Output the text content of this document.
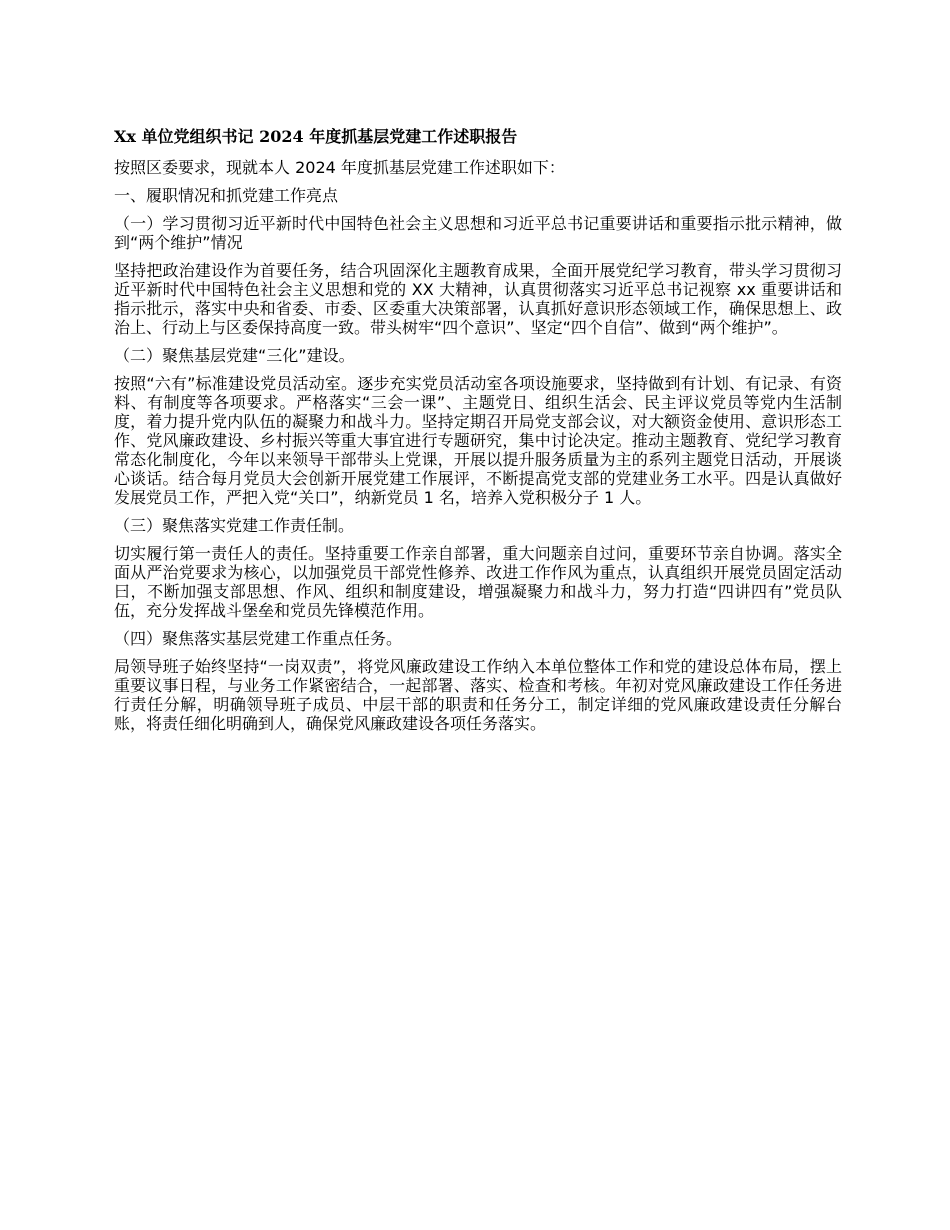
Xx 单位党组织书记 2024 年度抓基层党建工作述职报告

按照区委要求，现就本人 2024 年度抓基层党建工作述职如下：

一、履职情况和抓党建工作亮点

（一）学习贯彻习近平新时代中国特色社会主义思想和习近平总书记重要讲话和重要指示批示精神，做到“两个维护”情况

坚持把政治建设作为首要任务，结合巩固深化主题教育成果，全面开展党纪学习教育，带头学习贯彻习近平新时代中国特色社会主义思想和党的 XX 大精神，认真贯彻落实习近平总书记视察 xx 重要讲话和指示批示，落实中央和省委、市委、区委重大决策部署，认真抓好意识形态领域工作，确保思想上、政治上、行动上与区委保持高度一致。带头树牢“四个意识”、坚定“四个自信”、做到“两个维护”。

（二）聚焦基层党建“三化”建设。

按照“六有”标准建设党员活动室。逐步充实党员活动室各项设施要求，坚持做到有计划、有记录、有资料、有制度等各项要求。严格落实“三会一课”、主题党日、组织生活会、民主评议党员等党内生活制度，着力提升党内队伍的凝聚力和战斗力。坚持定期召开局党支部会议，对大额资金使用、意识形态工作、党风廉政建设、乡村振兴等重大事宜进行专题研究，集中讨论决定。推动主题教育、党纪学习教育常态化制度化，今年以来领导干部带头上党课，开展以提升服务质量为主的系列主题党日活动，开展谈心谈话。结合每月党员大会创新开展党建工作展评，不断提高党支部的党建业务工水平。四是认真做好发展党员工作，严把入党“关口”，纳新党员 1 名，培养入党积极分子 1 人。

（三）聚焦落实党建工作责任制。

切实履行第一责任人的责任。坚持重要工作亲自部署，重大问题亲自过问，重要环节亲自协调。落实全面从严治党要求为核心，以加强党员干部党性修养、改进工作作风为重点，认真组织开展党员固定活动曰，不断加强支部思想、作风、组织和制度建设，增强凝聚力和战斗力，努力打造“四讲四有”党员队伍，充分发挥战斗堡垒和党员先锋模范作用。

（四）聚焦落实基层党建工作重点任务。

局领导班子始终坚持“一岗双责”，将党风廉政建设工作纳入本单位整体工作和党的建设总体布局，摆上重要议事日程，与业务工作紧密结合，一起部署、落实、检查和考核。年初对党风廉政建设工作任务进行责任分解，明确领导班子成员、中层干部的职责和任务分工，制定详细的党风廉政建设责任分解台账，将责任细化明确到人，确保党风廉政建设各项任务落实。
